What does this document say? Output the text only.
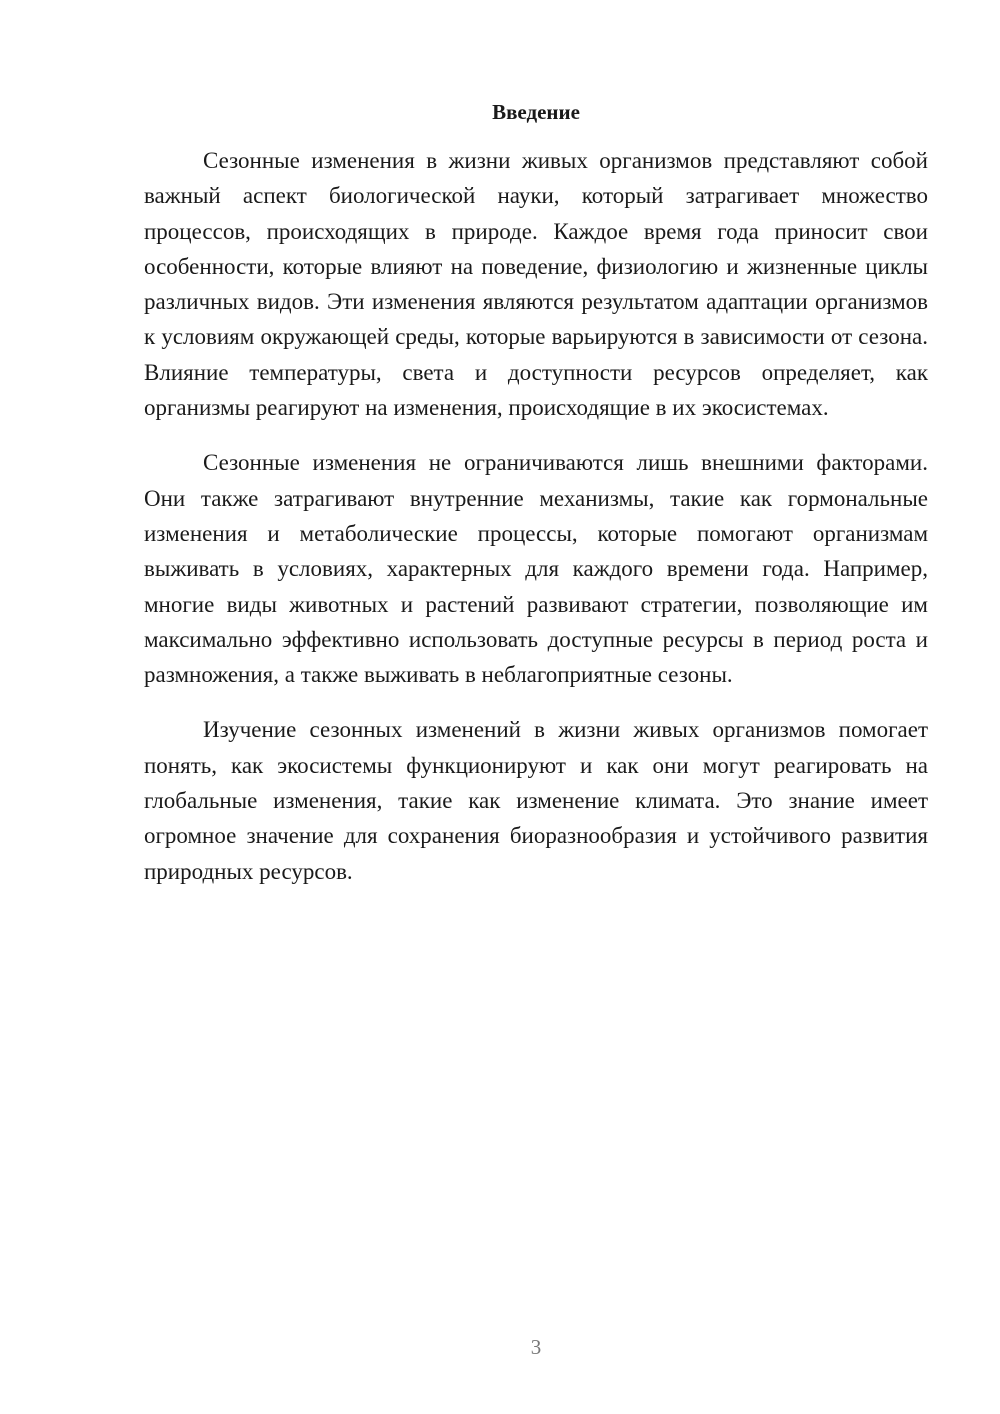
Введение

Сезонные изменения в жизни живых организмов представляют собой важный аспект биологической науки, который затрагивает множество процессов, происходящих в природе. Каждое время года приносит свои особенности, которые влияют на поведение, физиологию и жизненные циклы различных видов. Эти изменения являются результатом адаптации организмов к условиям окружающей среды, которые варьируются в зависимости от сезона. Влияние температуры, света и доступности ресурсов определяет, как организмы реагируют на изменения, происходящие в их экосистемах.

Сезонные изменения не ограничиваются лишь внешними факторами. Они также затрагивают внутренние механизмы, такие как гормональные изменения и метаболические процессы, которые помогают организмам выживать в условиях, характерных для каждого времени года. Например, многие виды животных и растений развивают стратегии, позволяющие им максимально эффективно использовать доступные ресурсы в период роста и размножения, а также выживать в неблагоприятные сезоны.

Изучение сезонных изменений в жизни живых организмов помогает понять, как экосистемы функционируют и как они могут реагировать на глобальные изменения, такие как изменение климата. Это знание имеет огромное значение для сохранения биоразнообразия и устойчивого развития природных ресурсов.

3
